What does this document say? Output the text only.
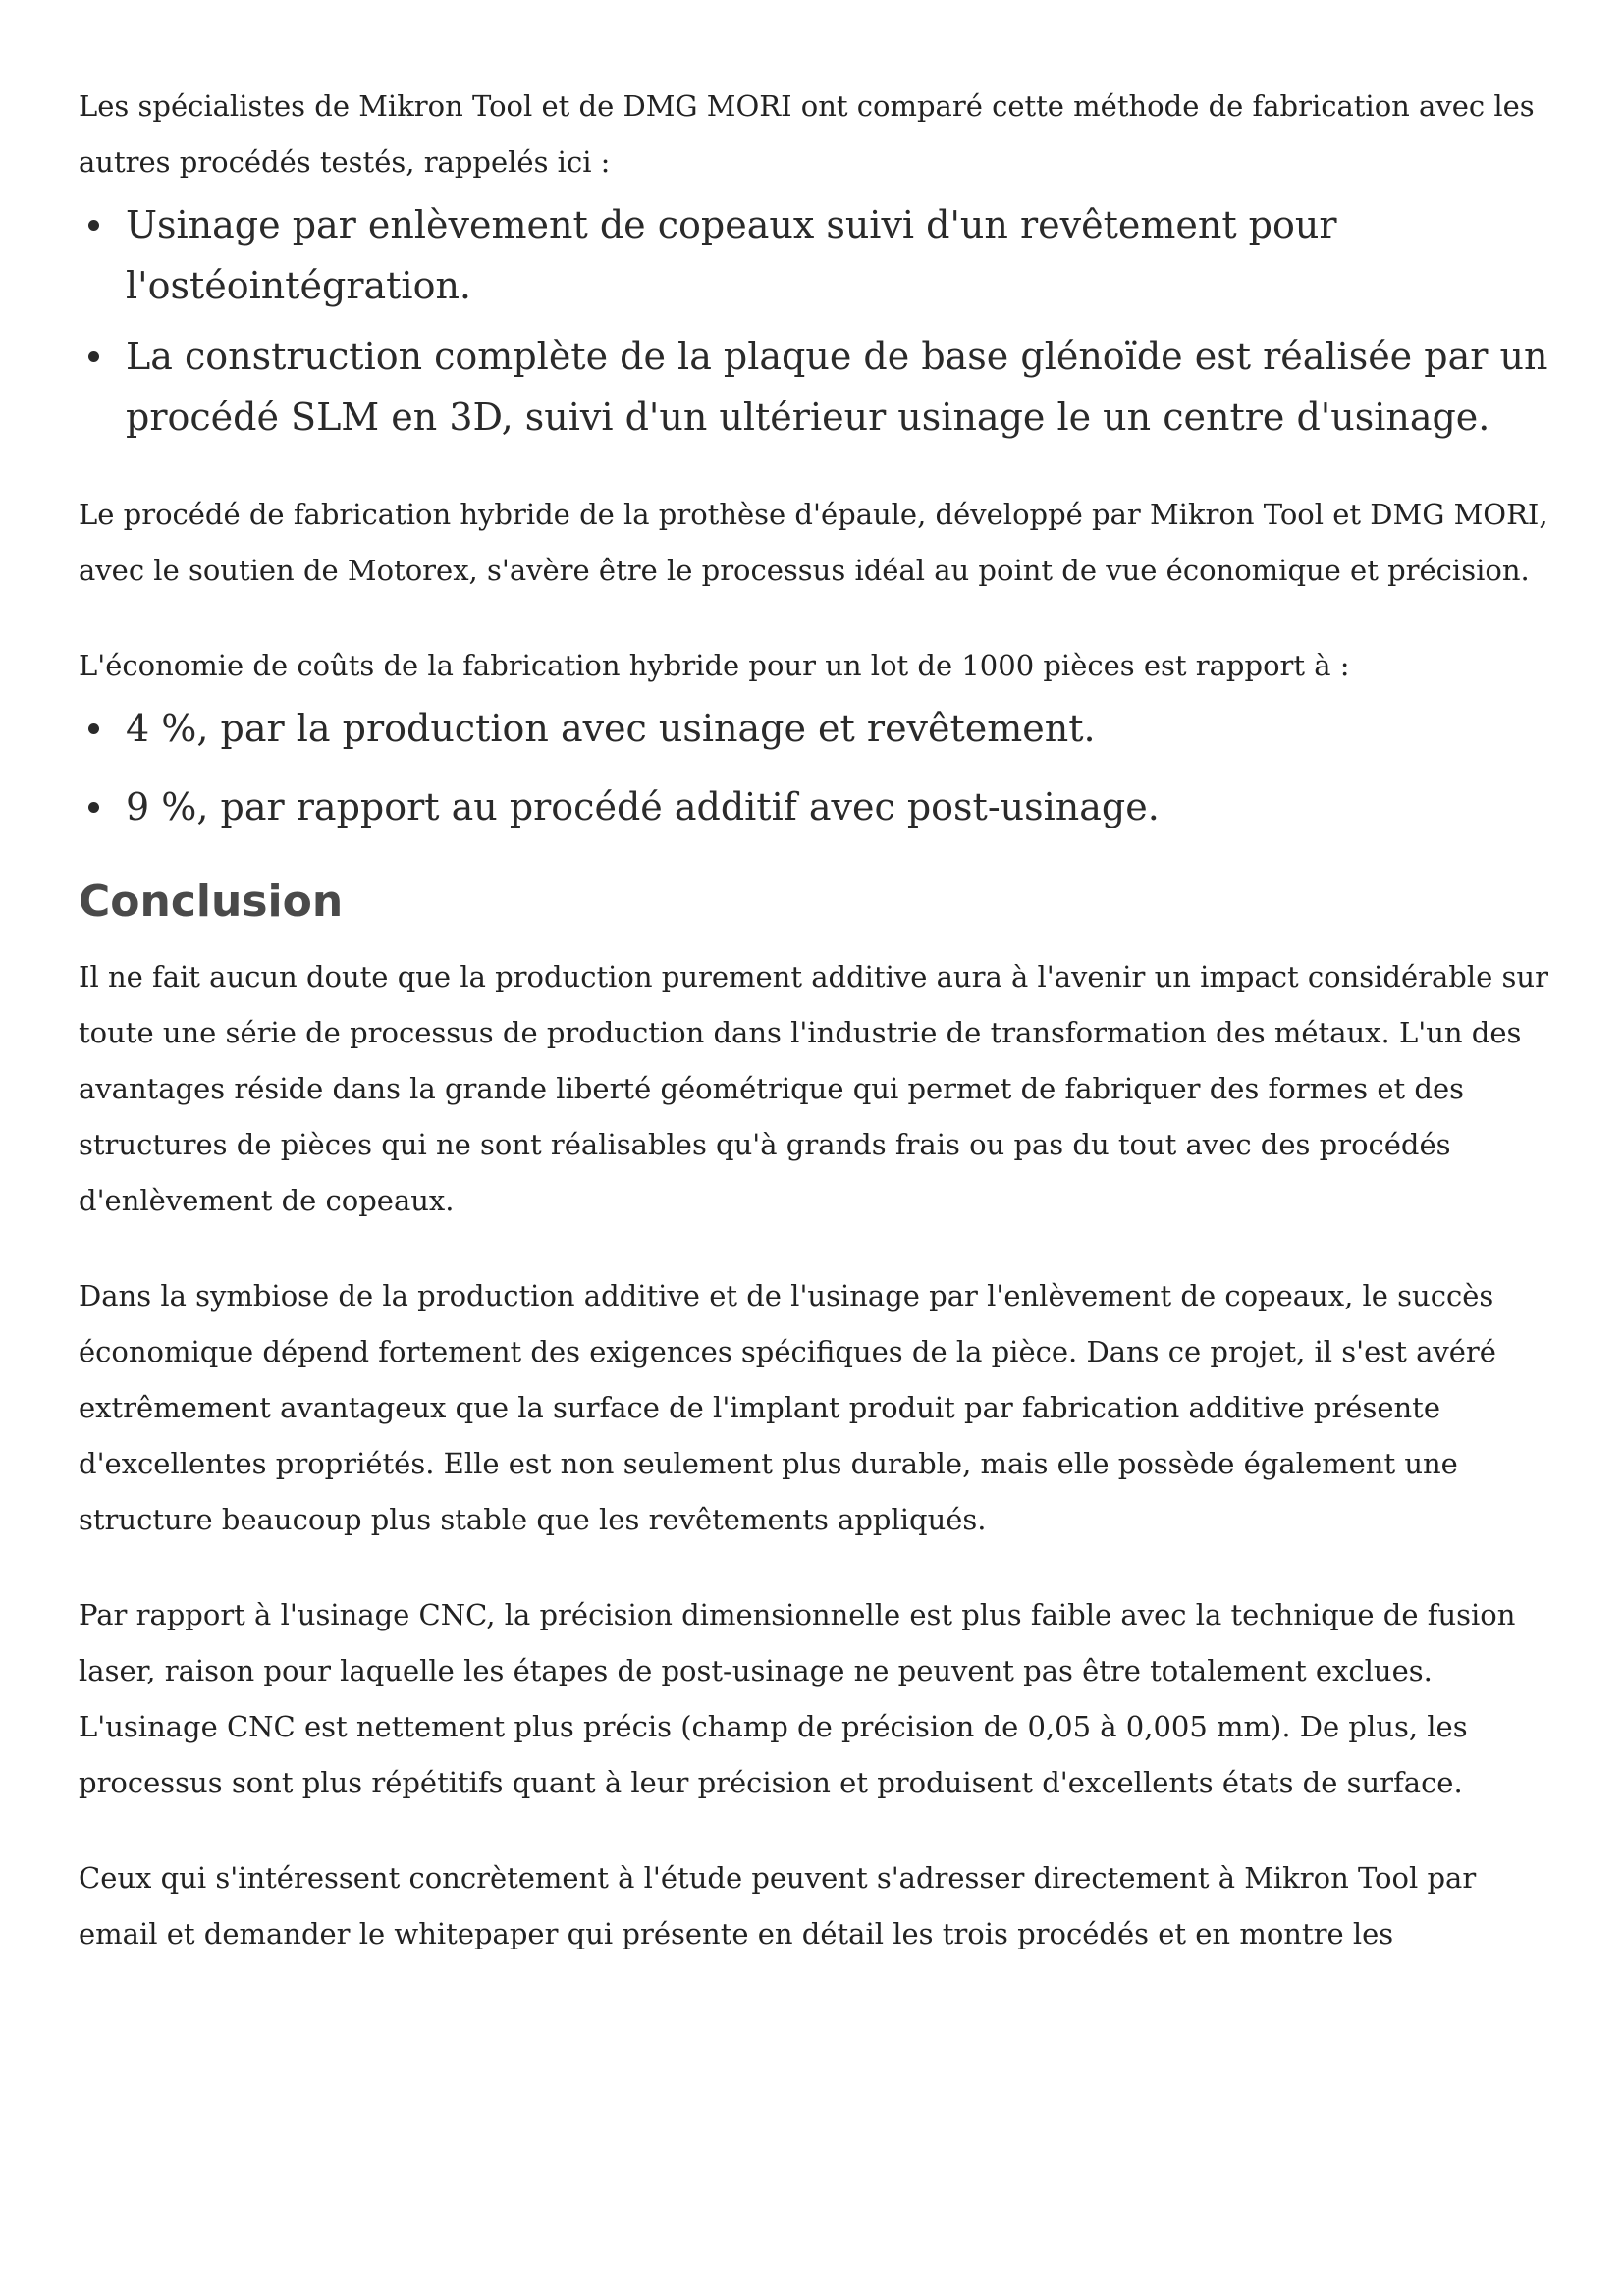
Les spécialistes de Mikron Tool et de DMG MORI ont comparé cette méthode de fabrication avec les autres procédés testés, rappelés ici :

Usinage par enlèvement de copeaux suivi d'un revêtement pour l'ostéointégration.
La construction complète de la plaque de base glénoïde est réalisée par un procédé SLM en 3D, suivi d'un ultérieur usinage le un centre d'usinage.

Le procédé de fabrication hybride de la prothèse d'épaule, développé par Mikron Tool et DMG MORI, avec le soutien de Motorex, s'avère être le processus idéal au point de vue économique et précision.

L'économie de coûts de la fabrication hybride pour un lot de 1000 pièces est rapport à :

4 %, par la production avec usinage et revêtement.
9 %, par rapport au procédé additif avec post-usinage.
Conclusion

Il ne fait aucun doute que la production purement additive aura à l'avenir un impact considérable sur toute une série de processus de production dans l'industrie de transformation des métaux. L'un des avantages réside dans la grande liberté géométrique qui permet de fabriquer des formes et des structures de pièces qui ne sont réalisables qu'à grands frais ou pas du tout avec des procédés d'enlèvement de copeaux.

Dans la symbiose de la production additive et de l'usinage par l'enlèvement de copeaux, le succès économique dépend fortement des exigences spécifiques de la pièce. Dans ce projet, il s'est avéré extrêmement avantageux que la surface de l'implant produit par fabrication additive présente d'excellentes propriétés. Elle est non seulement plus durable, mais elle possède également une structure beaucoup plus stable que les revêtements appliqués.

Par rapport à l'usinage CNC, la précision dimensionnelle est plus faible avec la technique de fusion laser, raison pour laquelle les étapes de post-usinage ne peuvent pas être totalement exclues. L'usinage CNC est nettement plus précis (champ de précision de 0,05 à 0,005 mm). De plus, les processus sont plus répétitifs quant à leur précision et produisent d'excellents états de surface.

Ceux qui s'intéressent concrètement à l'étude peuvent s'adresser directement à Mikron Tool par email et demander le whitepaper qui présente en détail les trois procédés et en montre les
